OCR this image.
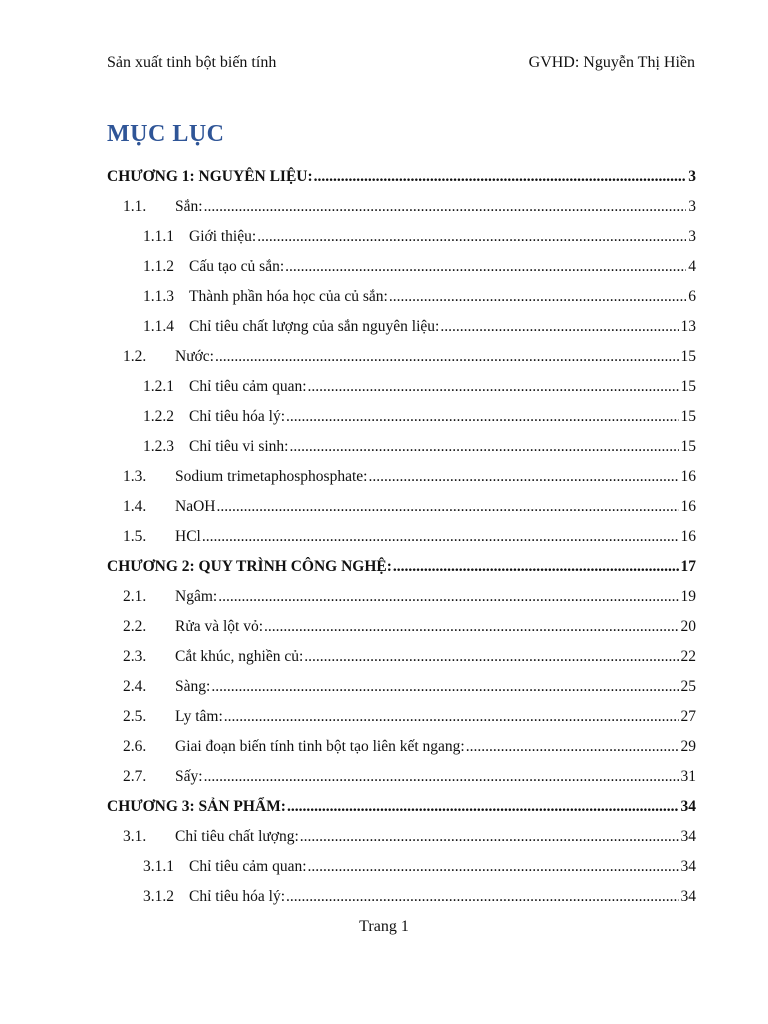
Sản xuất tinh bột biến tính	GVHD: Nguyễn Thị Hiền
MỤC LỤC
CHƯƠNG 1: NGUYÊN LIỆU: .....	3
1.1.	Sắn: .....	3
1.1.1 Giới thiệu: .....	3
1.1.2 Cấu tạo củ sắn: .....	4
1.1.3 Thành phần hóa học của củ sắn: .....	6
1.1.4 Chỉ tiêu chất lượng của sắn nguyên liệu: .....	13
1.2.	Nước: .....	15
1.2.1 Chỉ tiêu cảm quan: .....	15
1.2.2 Chỉ tiêu hóa lý: .....	15
1.2.3 Chỉ tiêu vi sinh: .....	15
1.3.	Sodium trimetaphosphosphate: .....	16
1.4.	NaOH .....	16
1.5.	HCl .....	16
CHƯƠNG 2: QUY TRÌNH CÔNG NGHỆ: .....	17
2.1.	Ngâm: .....	19
2.2.	Rửa và lột vỏ: .....	20
2.3.	Cắt khúc, nghiền củ: .....	22
2.4.	Sàng: .....	25
2.5.	Ly tâm: .....	27
2.6.	Giai đoạn biến tính tinh bột tạo liên kết ngang: .....	29
2.7.	Sấy: .....	31
CHƯƠNG 3: SẢN PHẨM: .....	34
3.1.	Chỉ tiêu chất lượng: .....	34
3.1.1 Chỉ tiêu cảm quan: .....	34
3.1.2 Chỉ tiêu hóa lý: .....	34
Trang 1
